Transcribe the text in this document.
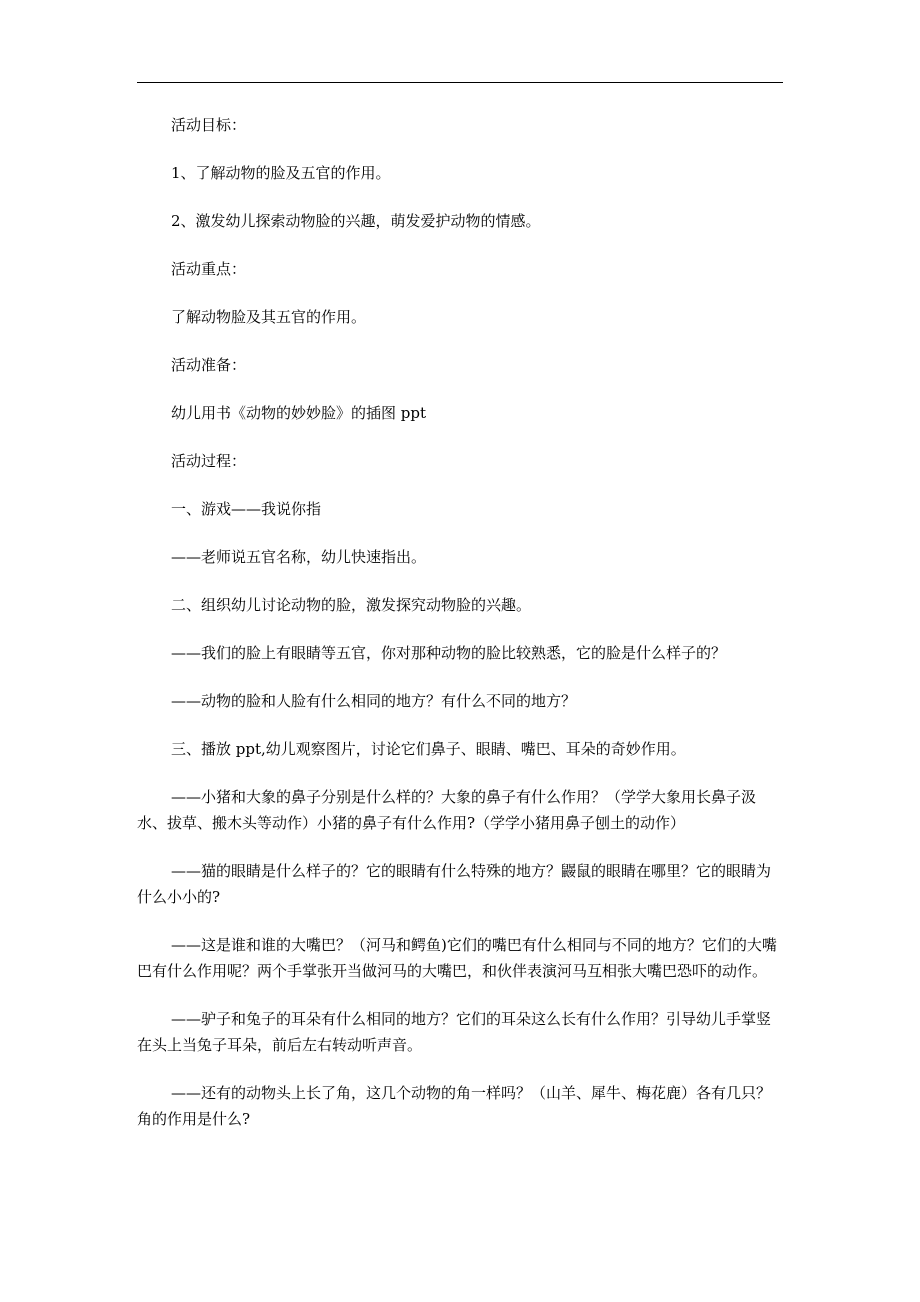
活动目标：

1、了解动物的脸及五官的作用。

2、激发幼儿探索动物脸的兴趣，萌发爱护动物的情感。

活动重点：

了解动物脸及其五官的作用。

活动准备：

幼儿用书《动物的妙妙脸》的插图 ppt

活动过程：

一、游戏——我说你指

——老师说五官名称，幼儿快速指出。

二、组织幼儿讨论动物的脸，激发探究动物脸的兴趣。

——我们的脸上有眼睛等五官，你对那种动物的脸比较熟悉，它的脸是什么样子的？

——动物的脸和人脸有什么相同的地方？有什么不同的地方？

三、播放 ppt,幼儿观察图片，讨论它们鼻子、眼睛、嘴巴、耳朵的奇妙作用。

——小猪和大象的鼻子分别是什么样的？大象的鼻子有什么作用？（学学大象用长鼻子汲水、拔草、搬木头等动作）小猪的鼻子有什么作用?（学学小猪用鼻子刨土的动作）

——猫的眼睛是什么样子的？它的眼睛有什么特殊的地方？鼹鼠的眼睛在哪里？它的眼睛为什么小小的?

——这是谁和谁的大嘴巴？（河马和鳄鱼)它们的嘴巴有什么相同与不同的地方？它们的大嘴巴有什么作用呢？两个手掌张开当做河马的大嘴巴，和伙伴表演河马互相张大嘴巴恐吓的动作。

——驴子和兔子的耳朵有什么相同的地方？它们的耳朵这么长有什么作用？引导幼儿手掌竖在头上当兔子耳朵，前后左右转动听声音。

——还有的动物头上长了角，这几个动物的角一样吗？（山羊、犀牛、梅花鹿）各有几只？角的作用是什么?
